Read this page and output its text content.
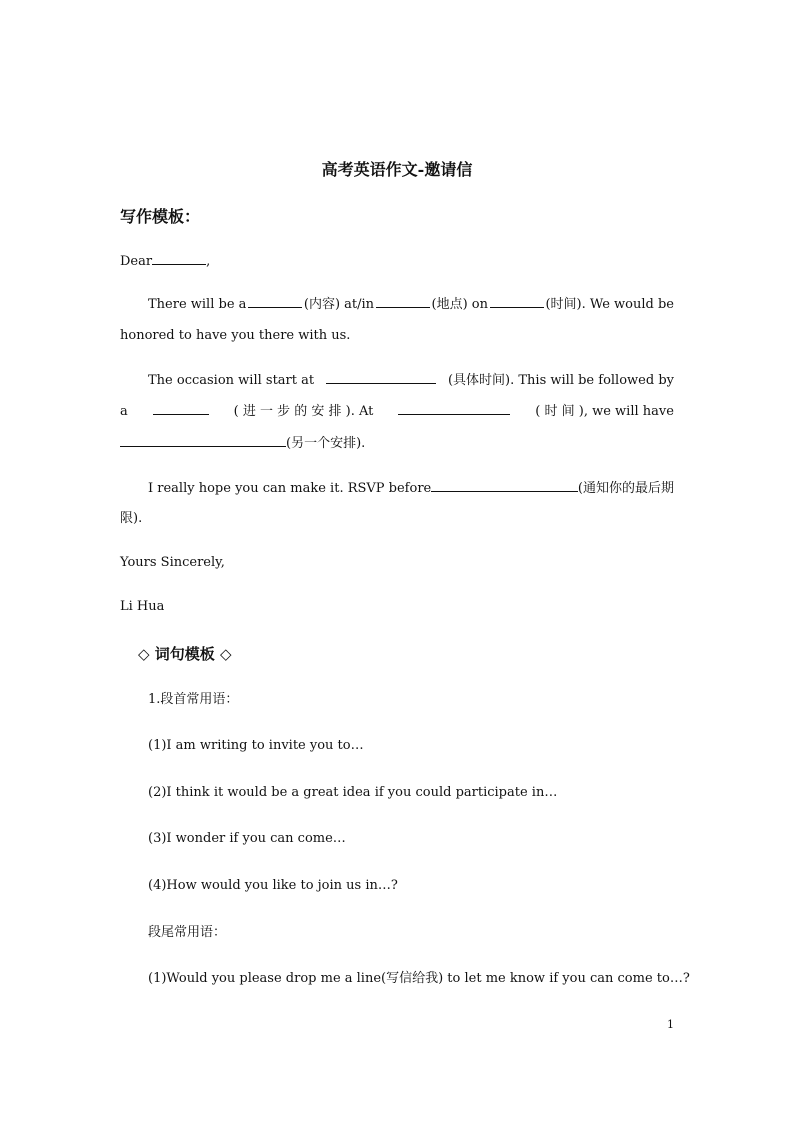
高考英语作文-邀请信
写作模板：
Dear	,
There will be a	(内容) at/in	(地点) on	(时间). We would be
honored to have you there with us.
The occasion will start at	(具体时间). This will be followed by
a	( 进 一 步 的 安 排 ). At	( 时 间 ), we will have
(另一个安排).
I really hope you can make it. RSVP before	(通知你的最后期
限).
Yours Sincerely,
Li Hua
◇ 词句模板 ◇
1.段首常用语：
(1)I am writing to invite you to…
(2)I think it would be a great idea if you could participate in…
(3)I wonder if you can come…
(4)How would you like to join us in…?
段尾常用语：
(1)Would you please drop me a line(写信给我) to let me know if you can come to…?
1
